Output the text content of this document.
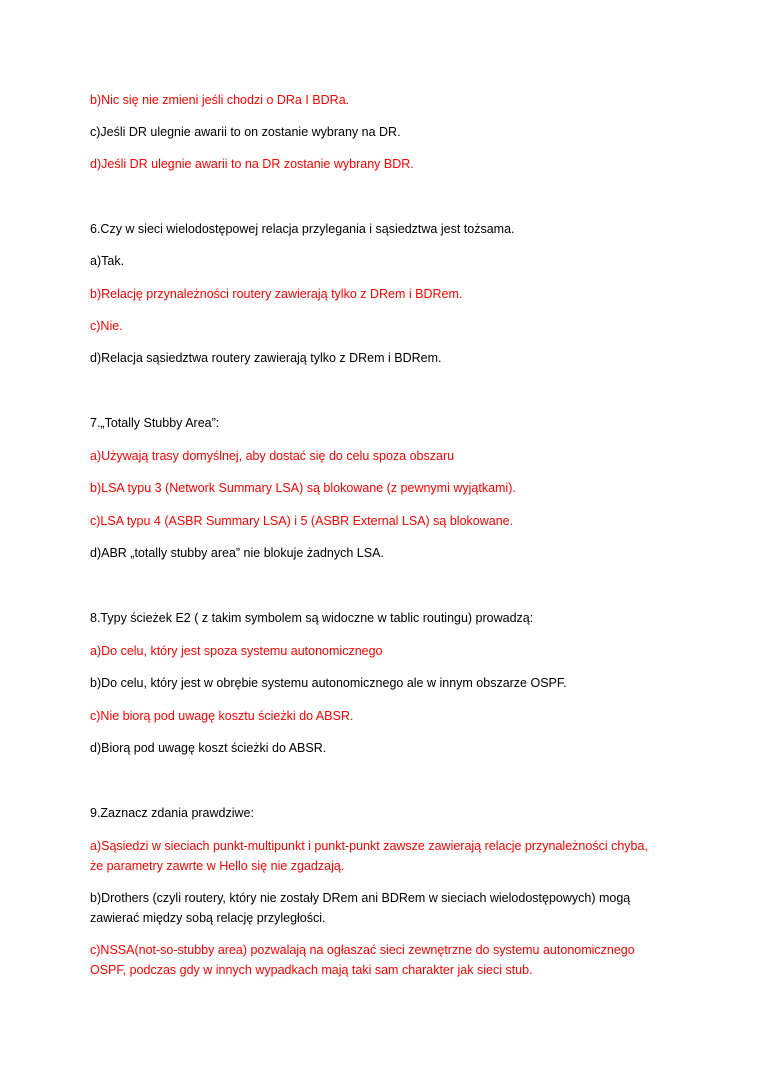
b)Nic się nie zmieni jeśli chodzi o DRa I BDRa.

c)Jeśli DR ulegnie awarii to on zostanie wybrany na DR.

d)Jeśli DR ulegnie awarii to na DR zostanie wybrany BDR.

6.Czy w sieci wielodostępowej relacja przylegania i sąsiedztwa jest tożsama.

a)Tak.

b)Relację przynależności routery zawierają tylko z DRem i BDRem.

c)Nie.

d)Relacja sąsiedztwa routery zawierają tylko z DRem i BDRem.

7.„Totally Stubby Area”:

a)Używają trasy domyślnej, aby dostać się do celu spoza obszaru

b)LSA typu 3 (Network Summary LSA) są blokowane (z pewnymi wyjątkami).

c)LSA typu 4 (ASBR Summary LSA) i 5 (ASBR External LSA) są blokowane.

d)ABR „totally stubby area” nie blokuje żadnych LSA.

8.Typy ścieżek E2 ( z takim symbolem są widoczne w tablic routingu) prowadzą:

a)Do celu, który jest spoza systemu autonomicznego

b)Do celu, który jest w obrębie systemu autonomicznego ale w innym obszarze OSPF.

c)Nie biorą pod uwagę kosztu ścieżki do ABSR.

d)Biorą pod uwagę koszt ścieżki do ABSR.

9.Zaznacz zdania prawdziwe:

a)Sąsiedzi w sieciach punkt-multipunkt i punkt-punkt zawsze zawierają relacje przynależności chyba,

że parametry zawrte w Hello się nie zgadzają.

b)Drothers (czyli routery, który nie zostały DRem ani BDRem w sieciach wielodostępowych) mogą

zawierać między sobą relację przyległości.

c)NSSA(not-so-stubby area) pozwalają na ogłaszać sieci zewnętrzne do systemu autonomicznego

OSPF, podczas gdy w innych wypadkach mają taki sam charakter jak sieci stub.
